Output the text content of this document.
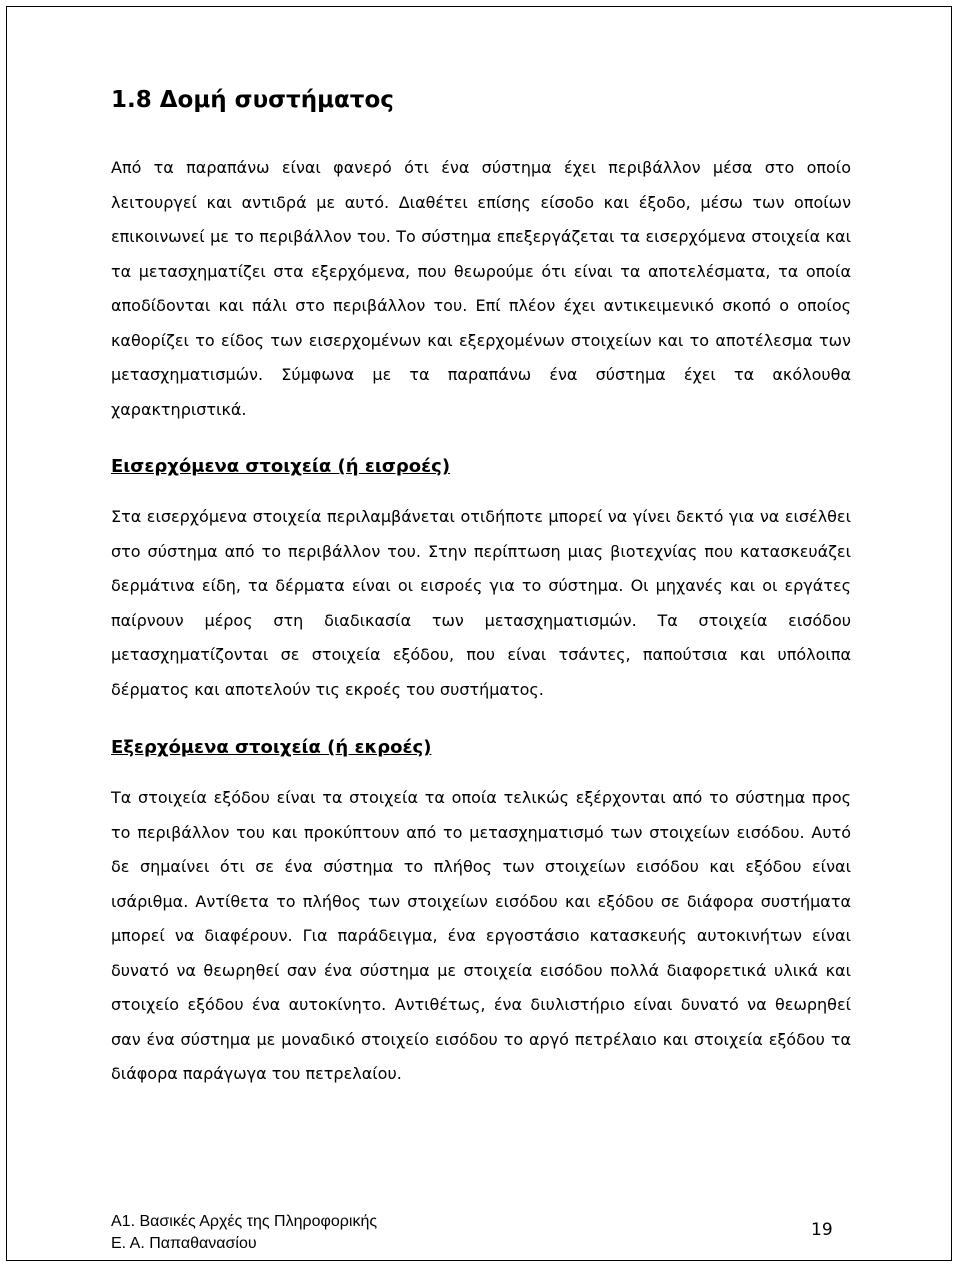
1.8 Δομή συστήματος

Από τα παραπάνω είναι φανερό ότι ένα σύστημα έχει περιβάλλον μέσα στο οποίο λειτουργεί και αντιδρά με αυτό. Διαθέτει επίσης είσοδο και έξοδο, μέσω των οποίων επικοινωνεί με το περιβάλλον του. Το σύστημα επεξεργάζεται τα εισερχόμενα στοιχεία και τα μετασχηματίζει στα εξερχόμενα, που θεωρούμε ότι είναι τα αποτελέσματα, τα οποία αποδίδονται και πάλι στο περιβάλλον του. Επί πλέον έχει αντικειμενικό σκοπό ο οποίος καθορίζει το είδος των εισερχομένων και εξερχομένων στοιχείων και το αποτέλεσμα των μετασχηματισμών. Σύμφωνα με τα παραπάνω ένα σύστημα έχει τα ακόλουθα χαρακτηριστικά.

Εισερχόμενα στοιχεία (ή εισροές)

Στα εισερχόμενα στοιχεία περιλαμβάνεται οτιδήποτε μπορεί να γίνει δεκτό για να εισέλθει στο σύστημα από το περιβάλλον του. Στην περίπτωση μιας βιοτεχνίας που κατασκευάζει δερμάτινα είδη, τα δέρματα είναι οι εισροές για το σύστημα. Οι μηχανές και οι εργάτες παίρνουν μέρος στη διαδικασία των μετασχηματισμών. Τα στοιχεία εισόδου μετασχηματίζονται σε στοιχεία εξόδου, που είναι τσάντες, παπούτσια και υπόλοιπα δέρματος και αποτελούν τις εκροές του συστήματος.

Εξερχόμενα στοιχεία (ή εκροές)

Τα στοιχεία εξόδου είναι τα στοιχεία τα οποία τελικώς εξέρχονται από το σύστημα προς το περιβάλλον του και προκύπτουν από το μετασχηματισμό των στοιχείων εισόδου. Αυτό δε σημαίνει ότι σε ένα σύστημα το πλήθος των στοιχείων εισόδου και εξόδου είναι ισάριθμα. Αντίθετα το πλήθος των στοιχείων εισόδου και εξόδου σε διάφορα συστήματα μπορεί να διαφέρουν. Για παράδειγμα, ένα εργοστάσιο κατασκευής αυτοκινήτων είναι δυνατό να θεωρηθεί σαν ένα σύστημα με στοιχεία εισόδου πολλά διαφορετικά υλικά και στοιχείο εξόδου ένα αυτοκίνητο. Αντιθέτως, ένα διυλιστήριο είναι δυνατό να θεωρηθεί σαν ένα σύστημα με μοναδικό στοιχείο εισόδου το αργό πετρέλαιο και στοιχεία εξόδου τα διάφορα παράγωγα του πετρελαίου.

Α1. Βασικές Αρχές της Πληροφορικής
Ε. Α. Παπαθανασίου
19
